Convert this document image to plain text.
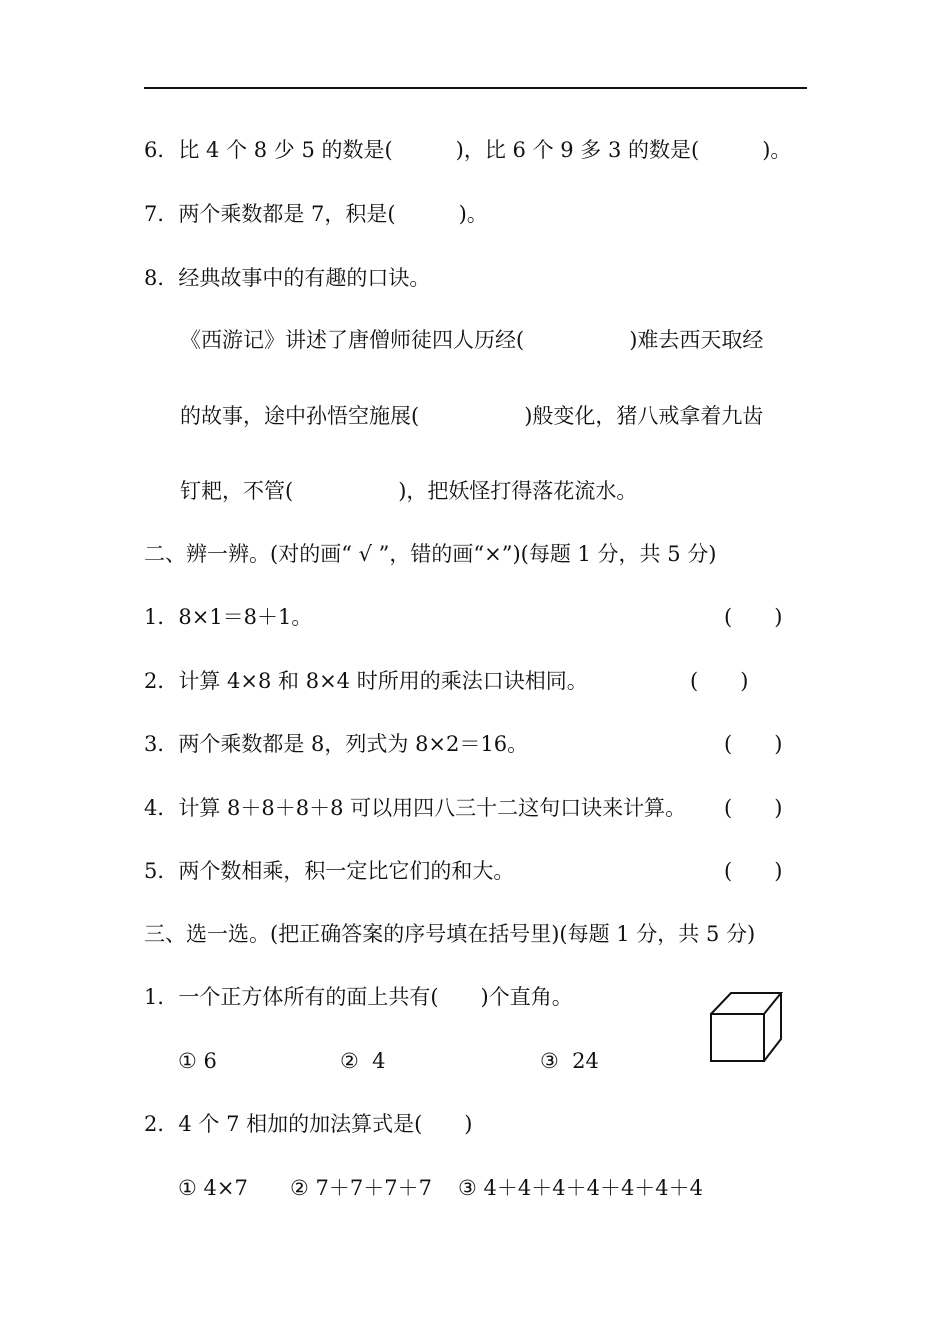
6．比 4 个 8 少 5 的数是(　　　)，比 6 个 9 多 3 的数是(　　　)。
7．两个乘数都是 7，积是(　　　)。
8．经典故事中的有趣的口诀。
《西游记》讲述了唐僧师徒四人历经(　　　　　)难去西天取经
的故事，途中孙悟空施展(　　　　　)般变化，猪八戒拿着九齿
钉耙，不管(　　　　　)，把妖怪打得落花流水。
二、辨一辨。(对的画“ √ ”，错的画“×”)(每题 1 分，共 5 分)
1．8×1＝8＋1。	(　　)
2．计算 4×8 和 8×4 时所用的乘法口诀相同。	(　　)
3．两个乘数都是 8，列式为 8×2＝16。	(　　)
4．计算 8＋8＋8＋8 可以用四八三十二这句口诀来计算。 (　　)
5．两个数相乘，积一定比它们的和大。	(　　)
三、选一选。(把正确答案的序号填在括号里)(每题 1 分，共 5 分)
1．一个正方体所有的面上共有(　　)个直角。
① 6	②  4	③  24
2．4 个 7 相加的加法算式是(　　)
① 4×7 ② 7＋7＋7＋7 ③ 4＋4＋4＋4＋4＋4＋4
